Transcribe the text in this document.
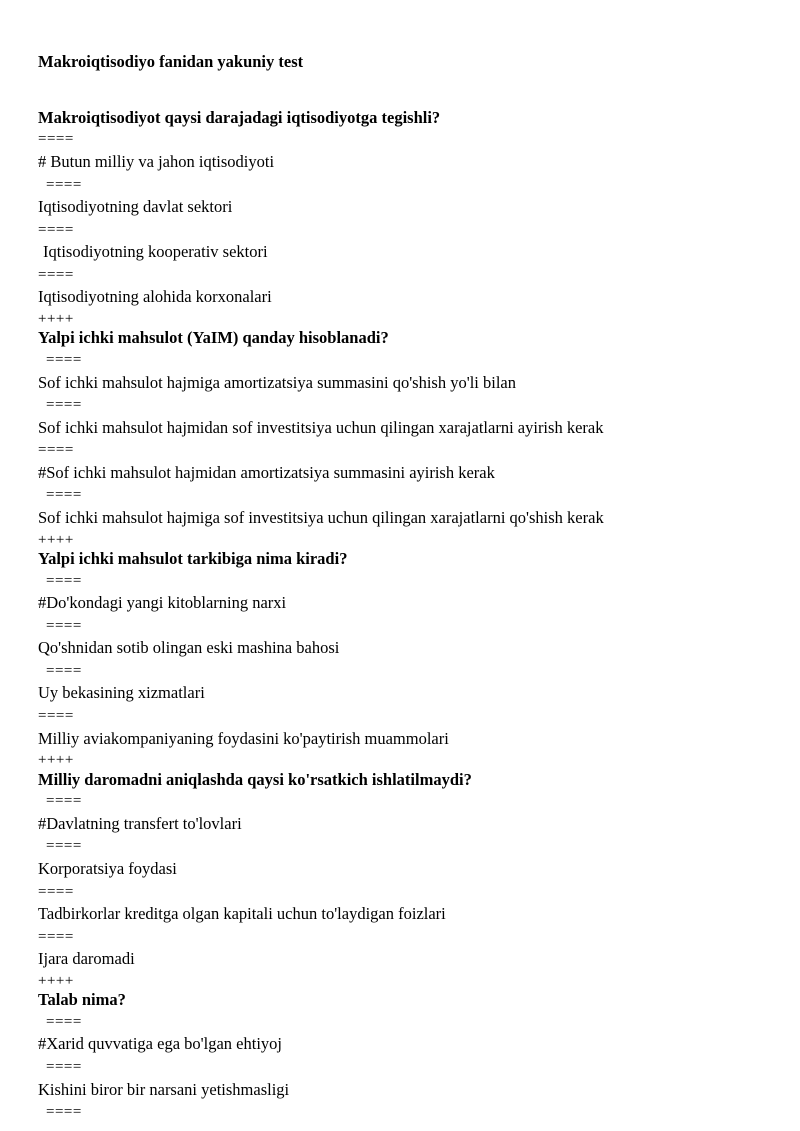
Makroiqtisodiyo fanidan yakuniy test
Makroiqtisodiyot qaysi darajadagi iqtisodiyotga tegishli?
====
# Butun milliy va jahon iqtisodiyoti
====
Iqtisodiyotning davlat sektori
====
Iqtisodiyotning kooperativ sektori
====
Iqtisodiyotning alohida korxonalari
++++
Yalpi ichki mahsulot (YaIM) qanday hisoblanadi?
====
Sof ichki mahsulot hajmiga amortizatsiya summasini qo'shish yo'li bilan
====
Sof ichki mahsulot hajmidan sof investitsiya uchun qilingan xarajatlarni ayirish kerak
====
#Sof ichki mahsulot hajmidan amortizatsiya summasini ayirish kerak
====
Sof ichki mahsulot hajmiga sof investitsiya uchun qilingan xarajatlarni qo'shish kerak
++++
Yalpi ichki mahsulot tarkibiga nima kiradi?
====
#Do'kondagi yangi kitoblarning narxi
====
Qo'shnidan sotib olingan eski mashina bahosi
====
Uy bekasining xizmatlari
====
Milliy aviakompaniyaning foydasini ko'paytirish muammolari
++++
Milliy daromadni aniqlashda qaysi ko'rsatkich ishlatilmaydi?
====
#Davlatning transfert to'lovlari
====
Korporatsiya foydasi
====
Tadbirkorlar kreditga olgan kapitali uchun to'laydigan foizlari
====
Ijara daromadi
++++
Talab nima?
====
#Xarid quvvatiga ega bo'lgan ehtiyoj
====
Kishini biror bir narsani yetishmasligi
====
